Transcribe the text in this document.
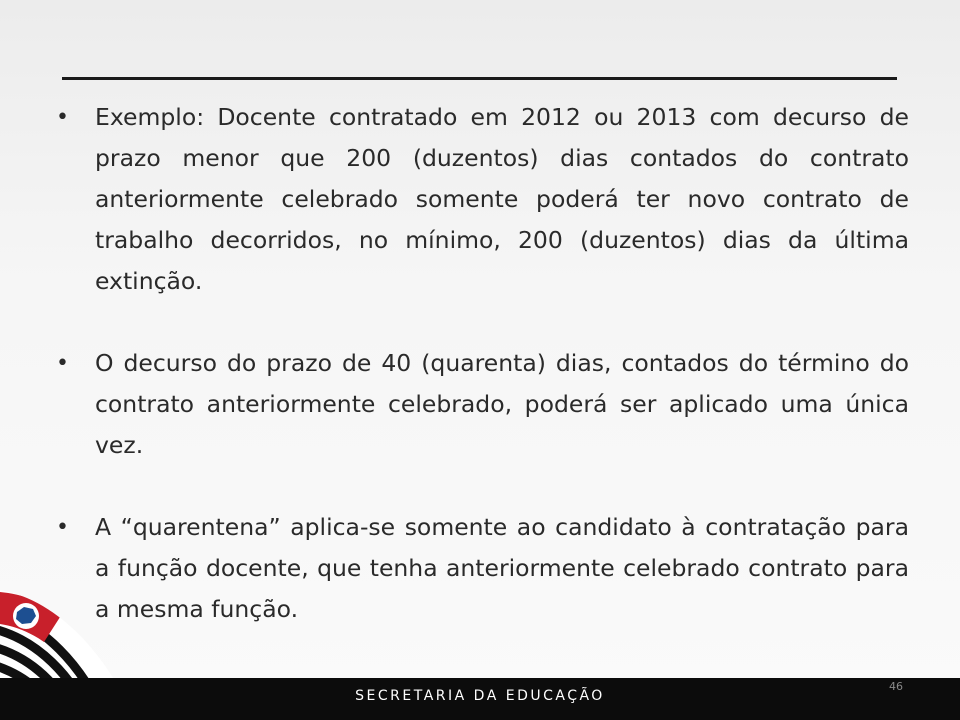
• Exemplo: Docente contratado em 2012 ou 2013 com decurso de prazo menor que 200 (duzentos) dias contados do contrato anteriormente celebrado somente poderá ter novo contrato de trabalho decorridos, no mínimo, 200 (duzentos) dias da última extinção.
• O decurso do prazo de 40 (quarenta) dias, contados do término do contrato anteriormente celebrado, poderá ser aplicado uma única vez.
• A “quarentena” aplica-se somente ao candidato à contratação para a função docente, que tenha anteriormente celebrado contrato para a mesma função.
SECRETARIA DA EDUCAÇÃO
46
